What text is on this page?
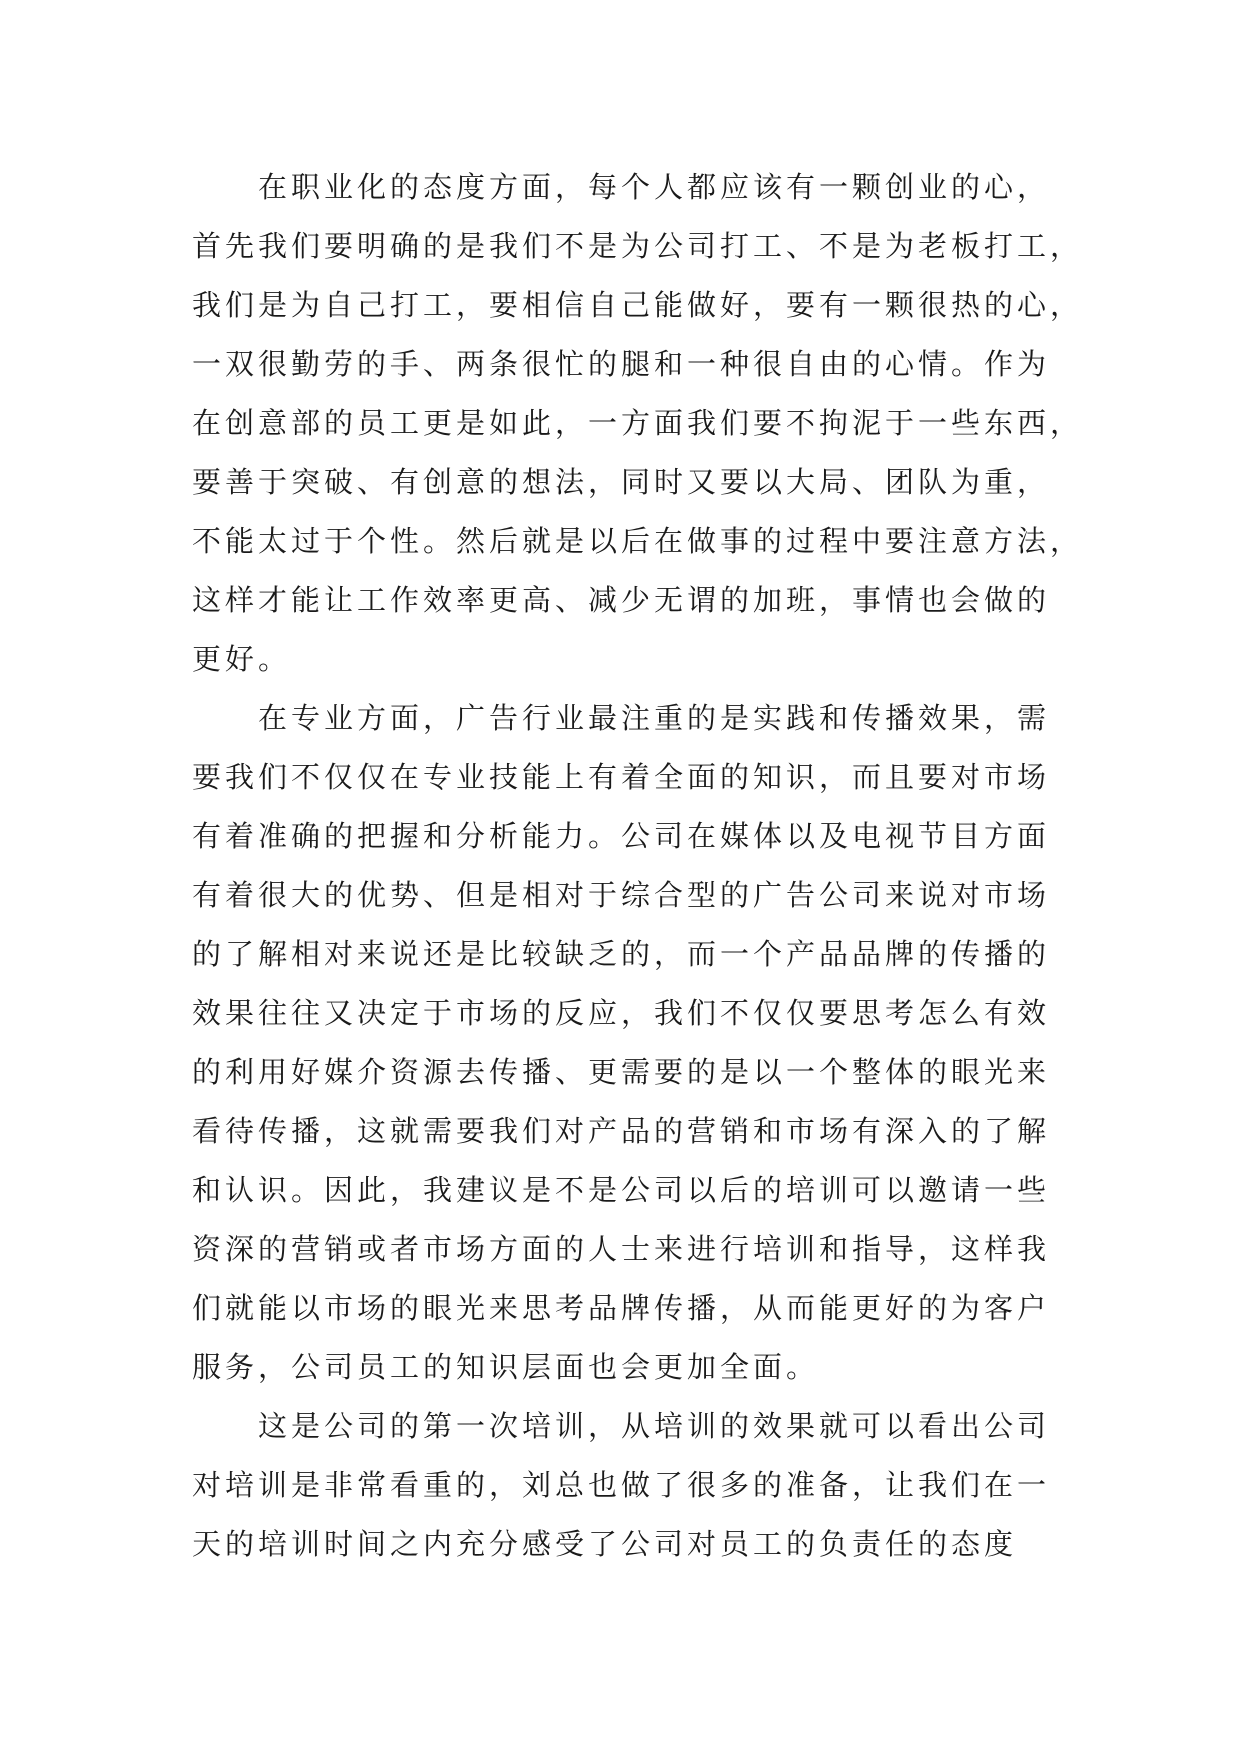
在职业化的态度方面，每个人都应该有一颗创业的心，
首先我们要明确的是我们不是为公司打工、不是为老板打工，
我们是为自己打工，要相信自己能做好，要有一颗很热的心，
一双很勤劳的手、两条很忙的腿和一种很自由的心情。作为
在创意部的员工更是如此，一方面我们要不拘泥于一些东西，
要善于突破、有创意的想法，同时又要以大局、团队为重，
不能太过于个性。然后就是以后在做事的过程中要注意方法，
这样才能让工作效率更高、减少无谓的加班，事情也会做的
更好。
在专业方面，广告行业最注重的是实践和传播效果，需
要我们不仅仅在专业技能上有着全面的知识，而且要对市场
有着准确的把握和分析能力。公司在媒体以及电视节目方面
有着很大的优势、但是相对于综合型的广告公司来说对市场
的了解相对来说还是比较缺乏的，而一个产品品牌的传播的
效果往往又决定于市场的反应，我们不仅仅要思考怎么有效
的利用好媒介资源去传播、更需要的是以一个整体的眼光来
看待传播，这就需要我们对产品的营销和市场有深入的了解
和认识。因此，我建议是不是公司以后的培训可以邀请一些
资深的营销或者市场方面的人士来进行培训和指导，这样我
们就能以市场的眼光来思考品牌传播，从而能更好的为客户
服务，公司员工的知识层面也会更加全面。
这是公司的第一次培训，从培训的效果就可以看出公司
对培训是非常看重的，刘总也做了很多的准备，让我们在一
天的培训时间之内充分感受了公司对员工的负责任的态度
